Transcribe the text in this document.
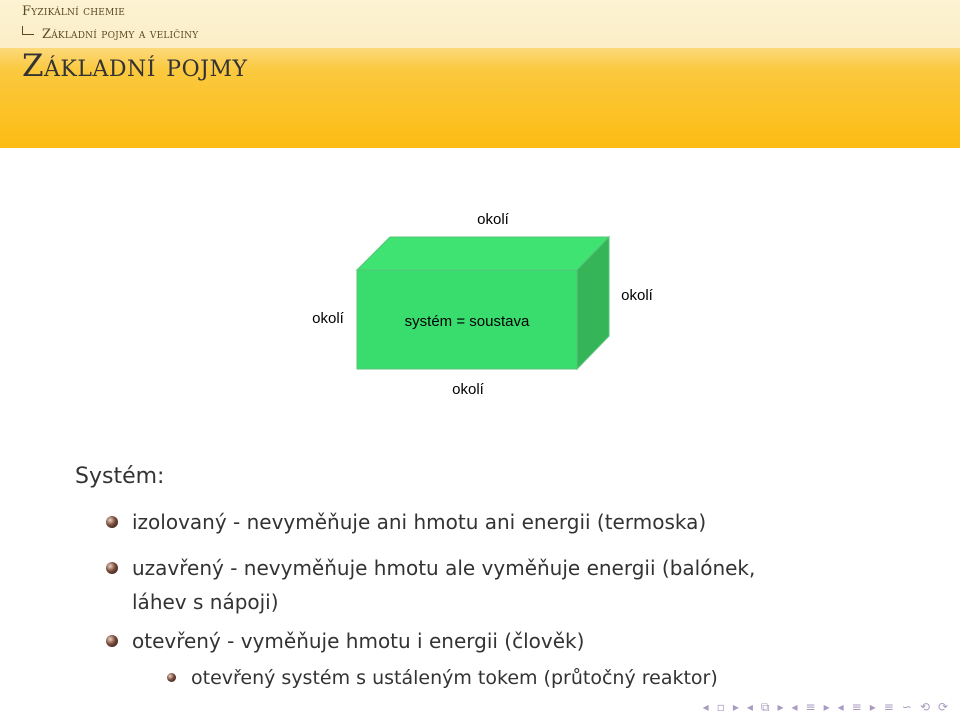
Fyzikální chemie
Základní pojmy a veličiny
Základní pojmy
okolí
okolí
okolí
okolí
systém = soustava
Systém:
izolovaný - nevyměňuje ani hmotu ani energii (termoska)
uzavřený - nevyměňuje hmotu ale vyměňuje energii (balónek,
láhev s nápoji)
otevřený - vyměňuje hmotu i energii (člověk)
otevřený systém s ustáleným tokem (průtočný reaktor)
◂ ▫ ▸ ◂ ⧉ ▸ ◂ ≡ ▸ ◂ ≡ ▸ ≡ ∽ ⟲ ⟳
